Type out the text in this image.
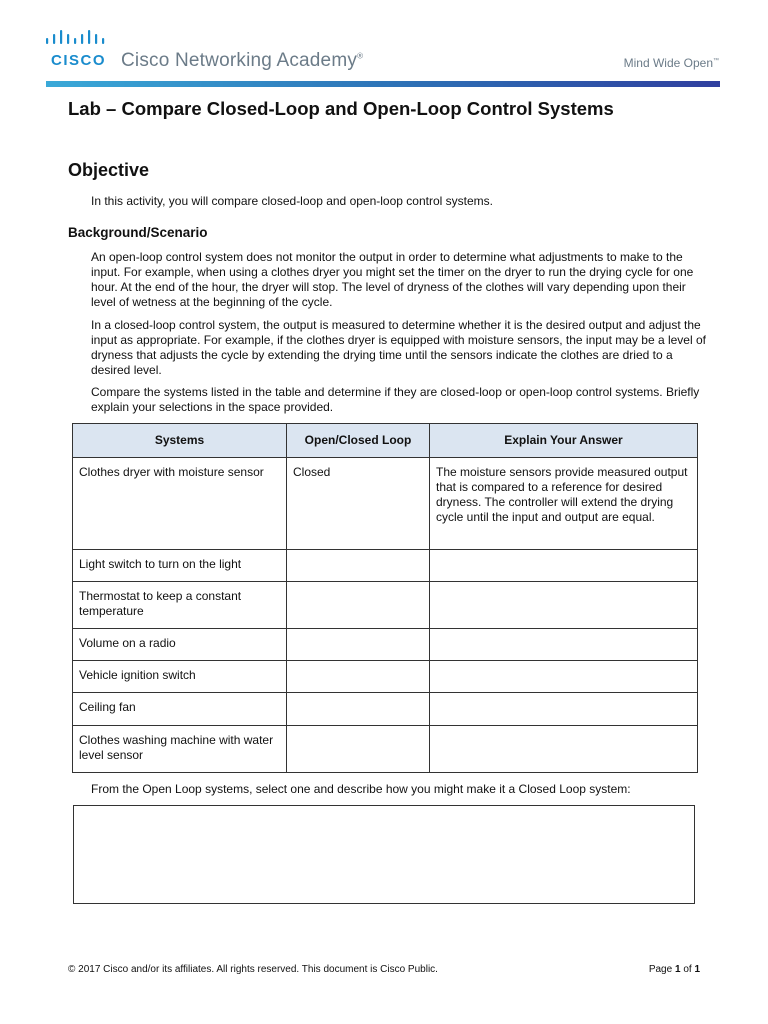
CISCO Cisco Networking Academy®	Mind Wide Open™
Lab – Compare Closed-Loop and Open-Loop Control Systems
Objective

In this activity, you will compare closed-loop and open-loop control systems.

Background/Scenario

An open-loop control system does not monitor the output in order to determine what adjustments to make to the input. For example, when using a clothes dryer you might set the timer on the dryer to run the drying cycle for one hour. At the end of the hour, the dryer will stop. The level of dryness of the clothes will vary depending upon their level of wetness at the beginning of the cycle.

In a closed-loop control system, the output is measured to determine whether it is the desired output and adjust the input as appropriate. For example, if the clothes dryer is equipped with moisture sensors, the input may be a level of dryness that adjusts the cycle by extending the drying time until the sensors indicate the clothes are dried to a desired level.

Compare the systems listed in the table and determine if they are closed-loop or open-loop control systems. Briefly explain your selections in the space provided.

Systems	Open/Closed Loop	Explain Your Answer
Clothes dryer with moisture sensor	Closed	The moisture sensors provide measured output that is compared to a reference for desired dryness. The controller will extend the drying cycle until the input and output are equal.
Light switch to turn on the light		
Thermostat to keep a constant temperature		
Volume on a radio		
Vehicle ignition switch		
Ceiling fan		
Clothes washing machine with water level sensor		

From the Open Loop systems, select one and describe how you might make it a Closed Loop system:

© 2017 Cisco and/or its affiliates. All rights reserved. This document is Cisco Public.	Page 1 of 1
